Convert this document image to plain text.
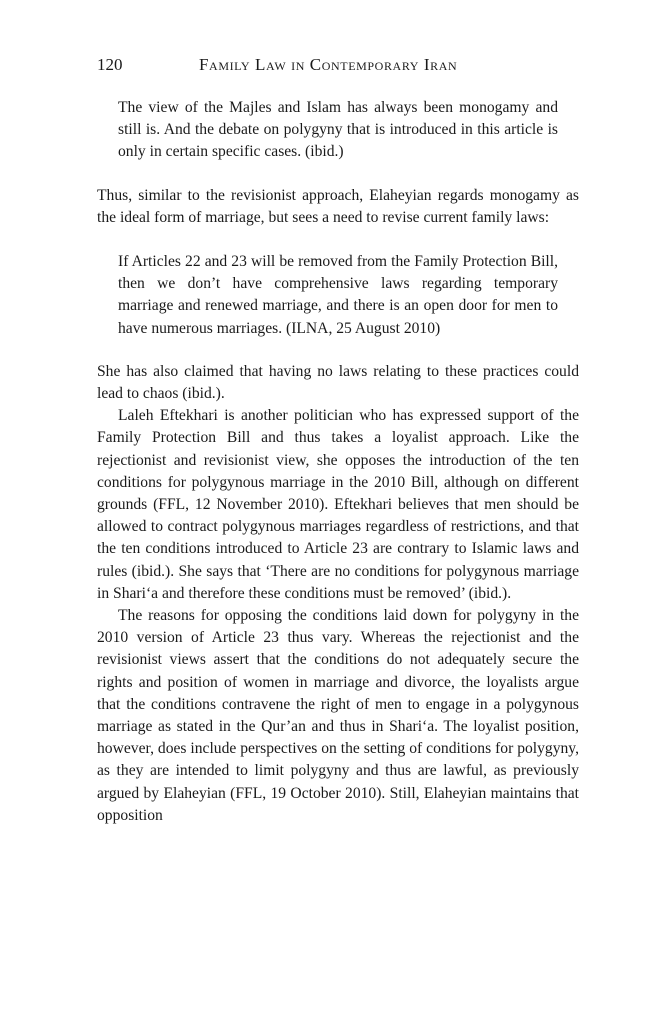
120	Family Law in Contemporary Iran

The view of the Majles and Islam has always been monogamy and still is. And the debate on polygyny that is introduced in this article is only in certain specific cases. (ibid.)

Thus, similar to the revisionist approach, Elaheyian regards monogamy as the ideal form of marriage, but sees a need to revise current family laws:

If Articles 22 and 23 will be removed from the Family Protection Bill, then we don’t have comprehensive laws regarding temporary marriage and renewed marriage, and there is an open door for men to have numerous marriages. (ILNA, 25 August 2010)

She has also claimed that having no laws relating to these practices could lead to chaos (ibid.).

Laleh Eftekhari is another politician who has expressed support of the Family Protection Bill and thus takes a loyalist approach. Like the rejectionist and revisionist view, she opposes the introduction of the ten conditions for polygynous marriage in the 2010 Bill, although on different grounds (FFL, 12 November 2010). Eftekhari believes that men should be allowed to contract polygynous marriages regardless of restrictions, and that the ten conditions introduced to Article 23 are contrary to Islamic laws and rules (ibid.). She says that ‘There are no conditions for polygynous marriage in Shari‘a and therefore these conditions must be removed’ (ibid.).

The reasons for opposing the conditions laid down for polygyny in the 2010 version of Article 23 thus vary. Whereas the rejectionist and the revisionist views assert that the conditions do not adequately secure the rights and position of women in marriage and divorce, the loyalists argue that the conditions contravene the right of men to engage in a polygynous marriage as stated in the Qur’an and thus in Shari‘a. The loyalist position, however, does include perspectives on the setting of conditions for polygyny, as they are intended to limit polygyny and thus are lawful, as previously argued by Elaheyian (FFL, 19 October 2010). Still, Elaheyian maintains that opposition
